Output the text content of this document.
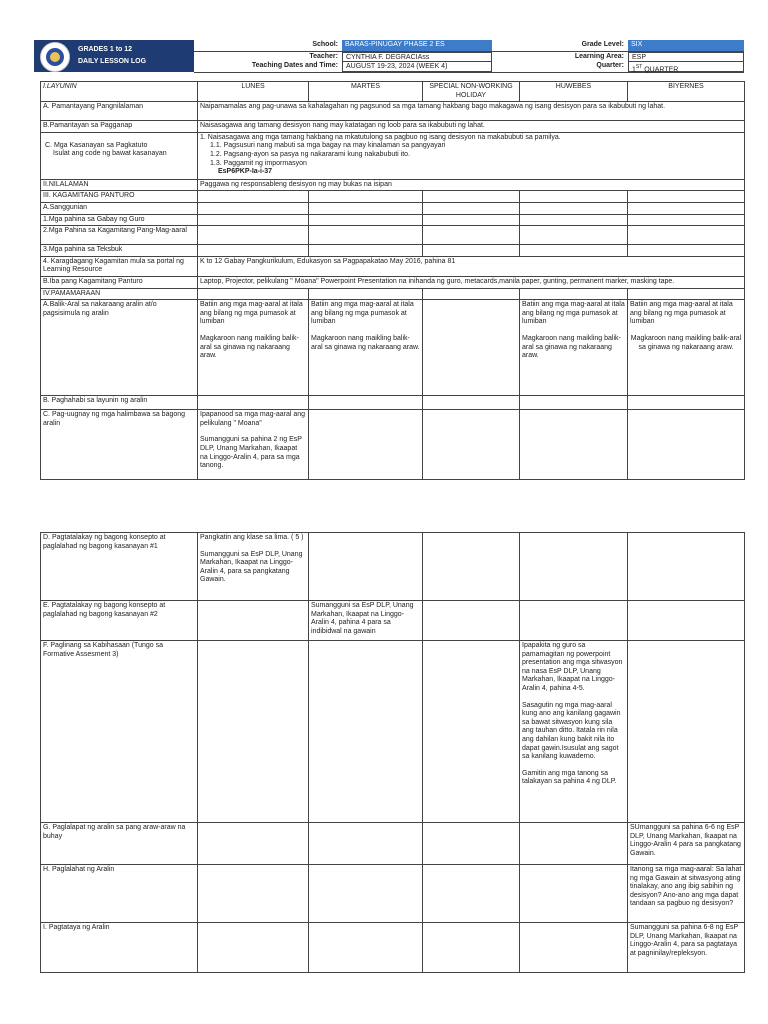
GRADES 1 to 12
DAILY LESSON LOG
School:	BARAS-PINUGAY PHASE 2 ES	Grade Level:	SIX
Teacher:	CYNTHIA F. DEGRACIAss	Learning Area:	ESP
Teaching Dates and Time:	AUGUST 19-23, 2024 (WEEK 4)	Quarter:
1ST QUARTER
I.LAYUNIN	LUNES	MARTES	SPECIAL NON-WORKING HOLIDAY	HUWEBES	BIYERNES
A. Pamantayang Pangnilalaman	Naipamamalas ang pag-unawa sa kahalagahan ng pagsunod sa mga tamang hakbang bago makagawa ng isang desisyon para sa ikabubuti ng lahat.				
B.Pamantayan sa Pagganap	Naisasagawa ang tamang desisyon nang may katatagan ng loob para sa ikabubuti ng lahat.				

C. Mga Kasanayan sa Pagkatuto
Isulat ang code ng bawat kasanayan	1. Naisasagawa ang mga tamang hakbang na mkatutulong sa pagbuo ng isang desisyon na makabubuti sa pamilya.
1.1. Pagsusuri nang mabuti sa mga bagay na may kinalaman sa pangyayari
1.2. Pagsang-ayon sa pasya ng nakararami kung nakabubuti ito.
1.3. Paggamit ng impormasyon
EsP6PKP-Ia-i-37				

II.NILALAMAN	Paggawa ng responsableng desisyon ng may bukas na isipan				
III. KAGAMITANG PANTURO					
A.Sanggunian					
1.Mga pahina sa Gabay ng Guro					
2.Mga Pahina sa Kagamitang Pang-Mag-aaral					
3.Mga pahina sa Teksbuk					
4. Karagdagang Kagamitan mula sa portal ng Learning Resource	K to 12 Gabay Pangkurikulum, Edukasyon sa Pagpapakatao May 2016, pahina 81				
B.Iba pang Kagamitang Panturo	Laptop, Projector, pelikulang " Moana" Powerpoint Presentation na inihanda ng guro, metacards,manila paper, gunting, permanent marker, masking tape.				
IV.PAMAMARAAN					
A.Balik-Aral sa nakaraang aralin at/o pagsisimula ng aralin	Batiin ang mga mag-aaral at itala ang bilang ng mga pumasok at lumiban
Magkaroon nang maikling balik-aral sa ginawa ng nakaraang araw.	Batiin ang mga mag-aaral at itala ang bilang ng mga pumasok at lumiban
Magkaroon nang maikling balik-aral sa ginawa ng nakaraang araw.		Batiin ang mga mag-aaral at itala ang bilang ng mga pumasok at lumiban
Magkaroon nang maikling balik-aral sa ginawa ng nakaraang araw.	Batiin ang mga mag-aaral at itala ang bilang ng mga pumasok at lumiban
Magkaroon nang maikling balik-aral sa ginawa ng nakaraang araw.

B. Paghahabi sa layunin ng aralin					
C. Pag-uugnay ng mga halimbawa sa bagong aralin	Ipapanood sa mga mag-aaral ang pelikulang " Moana"
Sumangguni sa pahina 2 ng EsP DLP, Unang Markahan, Ikaapat na Linggo-Aralin 4, para sa mga tanong.				

D. Pagtatalakay ng bagong konsepto at paglalahad ng bagong kasanayan #1	Pangkatin ang klase sa lima. ( 5 )
Sumangguni sa EsP DLP, Unang Markahan, Ikaapat na Linggo-Aralin 4, para sa pangkatang Gawain.				

E. Pagtatalakay ng bagong konsepto at paglalahad ng bagong kasanayan #2		Sumangguni sa EsP DLP, Unang Markahan, Ikaapat na Linggo-Aralin 4, pahina 4 para sa indibidwal na gawain			
F. Paglinang sa Kabihasaan (Tungo sa Formative Assesment 3)				Ipapakita ng guro sa pamamagitan ng powerpoint presentation ang mga sitwasyon na nasa EsP DLP, Unang Markahan, Ikaapat na Linggo-Aralin 4, pahina 4-5.
Sasagutin ng mga mag-aaral kung ano ang kanilang gagawin sa bawat sitwasyon kung sila ang tauhan ditto. Itatala rin nila ang dahilan kung bakit nila ito dapat gawin.Isusulat ang sagot sa kanilang kuwaderno.
Gamitin ang mga tanong sa talakayan sa pahina 4 ng DLP.	

G. Paglalapat ng aralin sa pang araw-araw na buhay					SUmangguni sa pahina 6-6 ng EsP DLP, Unang Markahan, Ikaapat na Linggo-Aralin 4 para sa pangkatang Gawain.
H. Paglalahat ng Aralin					Itanong sa mga mag-aaral: Sa lahat ng mga Gawain at sitwasyong ating tinalakay, ano ang ibig sabihin ng desisyon? Ano-ano ang mga dapat tandaan sa pagbuo ng desisyon?
I. Pagtataya ng Aralin					Sumangguni sa pahina 6-8 ng EsP DLP, Unang Markahan, Ikaapat na Linggo-Aralin 4, para sa pagtataya at pagninilay/repleksyon.
